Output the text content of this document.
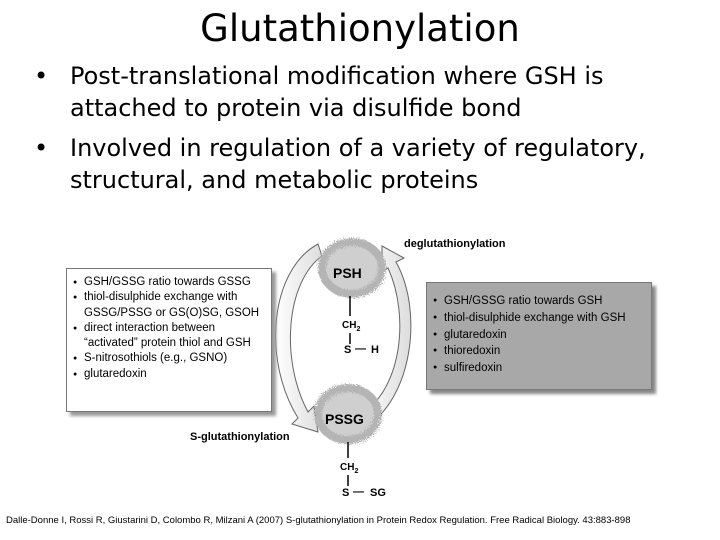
Glutathionylation
• Post-translational modification where GSH is attached to protein via disulfide bond
• Involved in regulation of a variety of regulatory, structural, and metabolic proteins
PSH
PSSG
$CH_2$
S — H
$CH_2$
S — SG
deglutathionylation
S-glutathionylation
● GSH/GSSG ratio towards GSSG
● thiol-disulphide exchange with
GSSG/PSSG or GS(O)SG, GSOH
● direct interaction between
“activated” protein thiol and GSH
● S-nitrosothiols (e.g., GSNO)
● glutaredoxin
● GSH/GSSG ratio towards GSH
● thiol-disulphide exchange with GSH
● glutaredoxin
● thioredoxin
● sulfiredoxin
Dalle-Donne I, Rossi R, Giustarini D, Colombo R, Milzani A (2007) S-glutathionylation in Protein Redox Regulation. Free Radical Biology. 43:883-898
